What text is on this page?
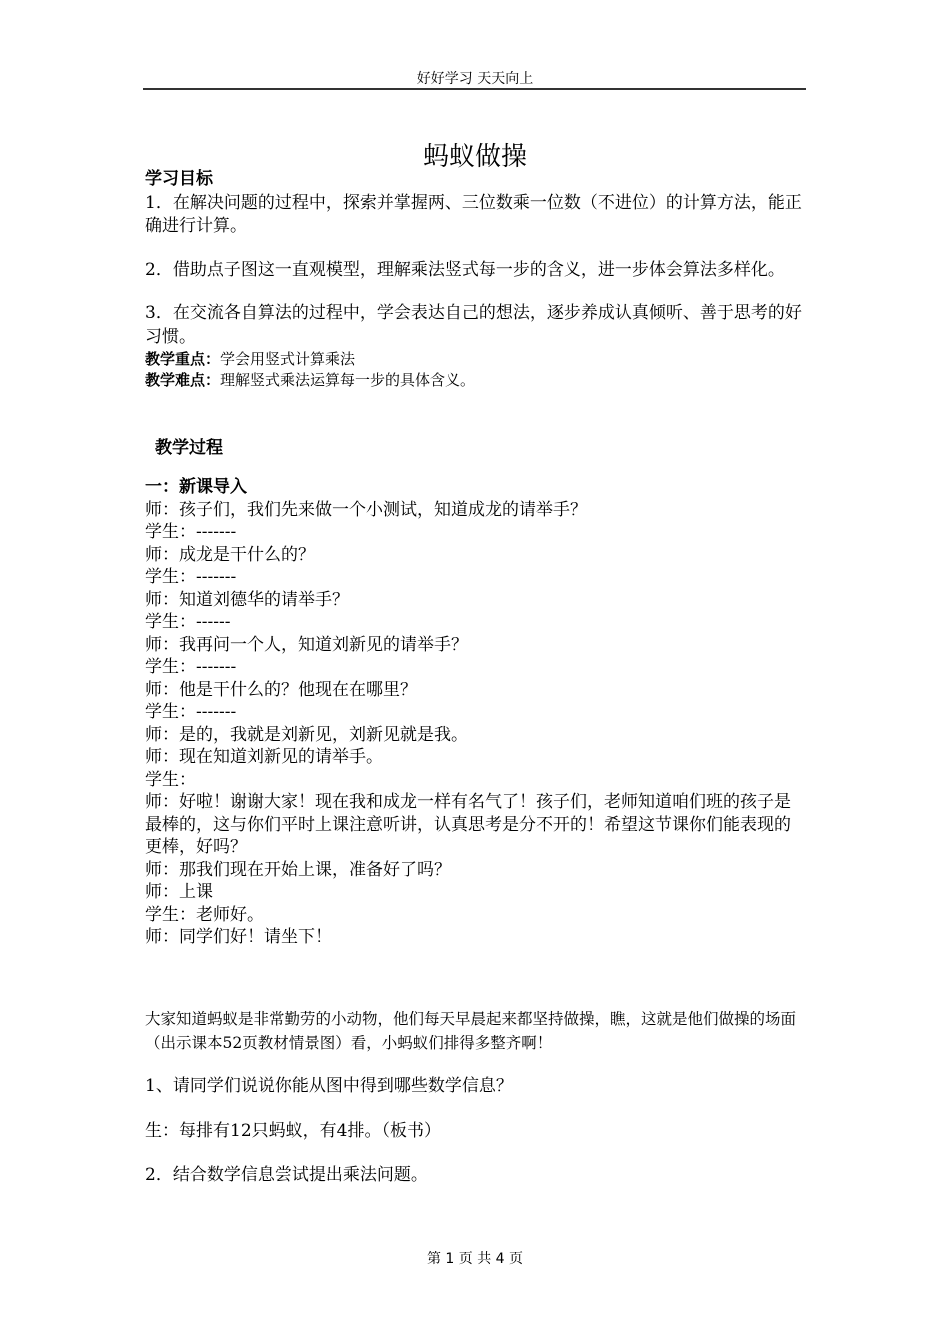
好好学习 天天向上
蚂蚁做操

学习目标

1．在解决问题的过程中，探索并掌握两、三位数乘一位数（不进位）的计算方法，能正确进行计算。

2．借助点子图这一直观模型，理解乘法竖式每一步的含义，进一步体会算法多样化。

3．在交流各自算法的过程中，学会表达自己的想法，逐步养成认真倾听、善于思考的好习惯。

教学重点：学会用竖式计算乘法

教学难点：理解竖式乘法运算每一步的具体含义。

教学过程

一：新课导入

师：孩子们，我们先来做一个小测试，知道成龙的请举手？

学生：-------

师：成龙是干什么的？

学生：-------

师：知道刘德华的请举手？

学生：------

师：我再问一个人，知道刘新见的请举手？

学生：-------

师：他是干什么的？他现在在哪里？

学生：-------

师：是的，我就是刘新见，刘新见就是我。

师：现在知道刘新见的请举手。

学生：

师：好啦！谢谢大家！现在我和成龙一样有名气了！孩子们，老师知道咱们班的孩子是最棒的，这与你们平时上课注意听讲，认真思考是分不开的！希望这节课你们能表现的更棒，好吗？

师：那我们现在开始上课，准备好了吗？

师：上课

学生：老师好。

师：同学们好！请坐下！

大家知道蚂蚁是非常勤劳的小动物，他们每天早晨起来都坚持做操，瞧，这就是他们做操的场面（出示课本52页教材情景图）看，小蚂蚁们排得多整齐啊！

1、请同学们说说你能从图中得到哪些数学信息？

生：每排有12只蚂蚁，有4排。（板书）

2．结合数学信息尝试提出乘法问题。

第 1 页 共 4 页
